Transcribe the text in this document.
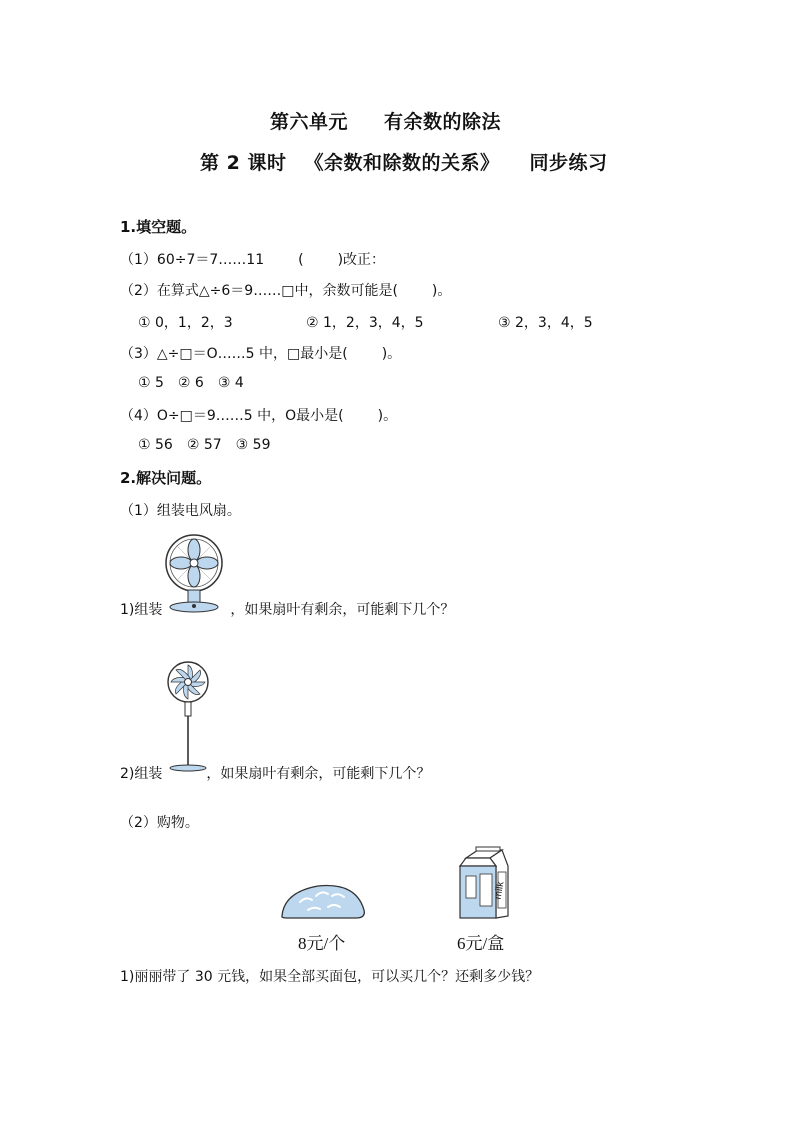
第六单元 有余数的除法
第 2 课时 《余数和除数的关系》 同步练习
1.填空题。
（1）60÷7＝7……11 ( )改正：
（2）在算式△÷6＝9……□中，余数可能是( )。
① 0，1，2，3	② 1，2，3，4，5	③ 2，3，4，5
（3）△÷□＝O……5 中，□最小是( )。
① 5 ② 6 ③ 4
（4）O÷□＝9……5 中，O最小是( )。
① 56 ② 57 ③ 59
2.解决问题。
（1）组装电风扇。
1)组装	，如果扇叶有剩余，可能剩下几个？
2)组装	，如果扇叶有剩余，可能剩下几个？
（2）购物。
milk
8元/个	6元/盒
1)丽丽带了 30 元钱，如果全部买面包，可以买几个？还剩多少钱？
